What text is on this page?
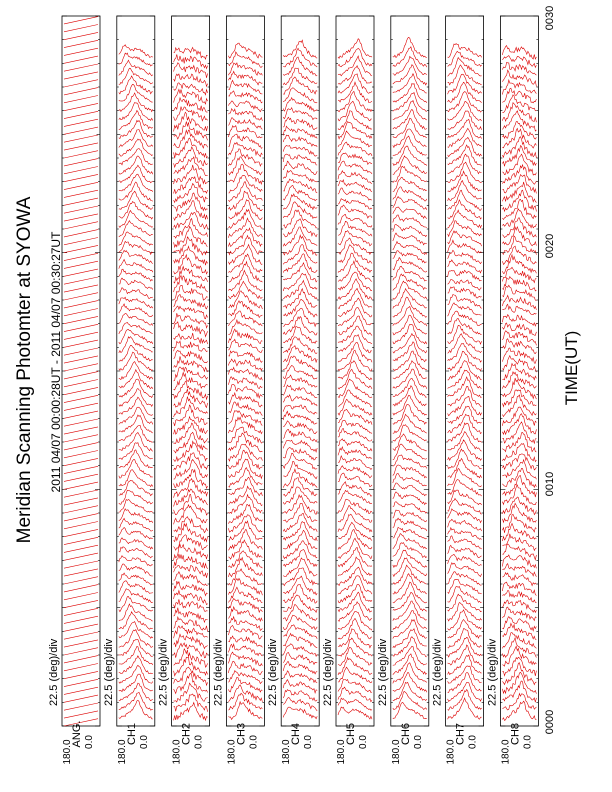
Meridian Scanning Photomter at SYOWA 2011 04/07 00:00:28UT - 2011 04/07 00:30:27UT	TIME(UT)
0000
0010
0020
0030
180.0 0.0
ANG.
22.5 (deg)/div
180.0 0.0
CH1
22.5 (deg)/div
180.0 0.0
CH2
22.5 (deg)/div
180.0 0.0
CH3
22.5 (deg)/div
180.0 0.0
CH4
22.5 (deg)/div
180.0 0.0
CH5
22.5 (deg)/div
180.0 0.0
CH6
22.5 (deg)/div
180.0 0.0
CH7
22.5 (deg)/div
180.0 0.0
CH8
22.5 (deg)/div
